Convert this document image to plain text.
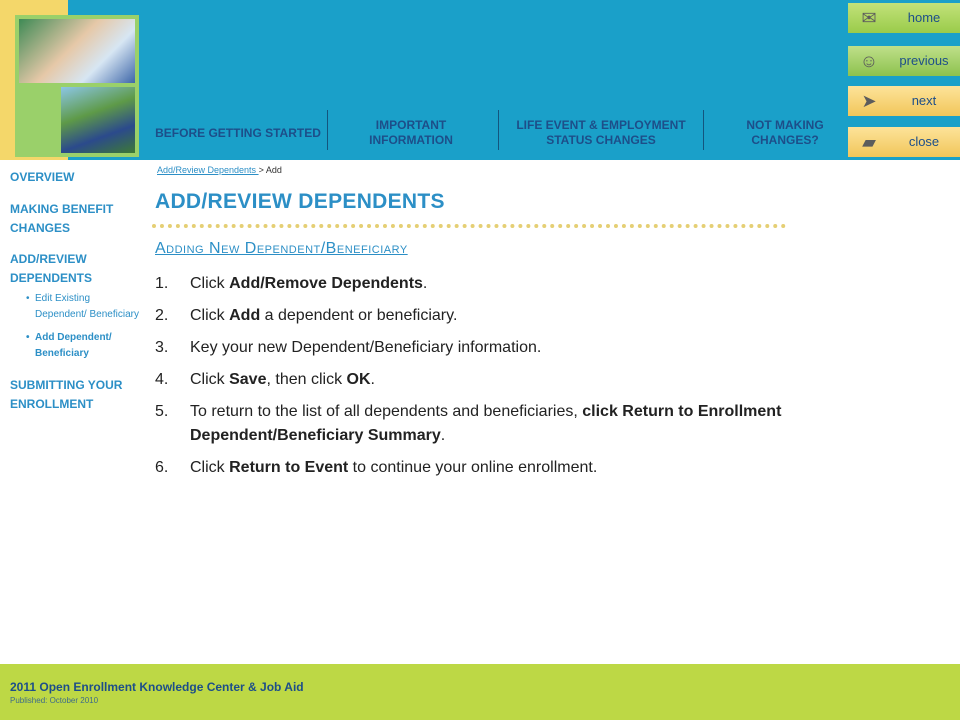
BEFORE GETTING STARTED
IMPORTANT INFORMATION
LIFE EVENT & EMPLOYMENT STATUS CHANGES
NOT MAKING CHANGES?
✉	home
☺	previous
➤	next
▰	close
OVERVIEW
MAKING BENEFIT CHANGES
ADD/REVIEW DEPENDENTS
• Edit Existing Dependent/ Beneficiary
• Add Dependent/ Beneficiary
SUBMITTING YOUR ENROLLMENT
Add/Review Dependents > Add
ADD/REVIEW DEPENDENTS
Adding New Dependent/Beneficiary
1. Click Add/Remove Dependents.
2. Click Add a dependent or beneficiary.
3. Key your new Dependent/Beneficiary information.
4. Click Save, then click OK.
5. To return to the list of all dependents and beneficiaries, click Return to Enrollment Dependent/Beneficiary Summary.
6. Click Return to Event to continue your online enrollment.
2011 Open Enrollment Knowledge Center & Job Aid
Published: October 2010
